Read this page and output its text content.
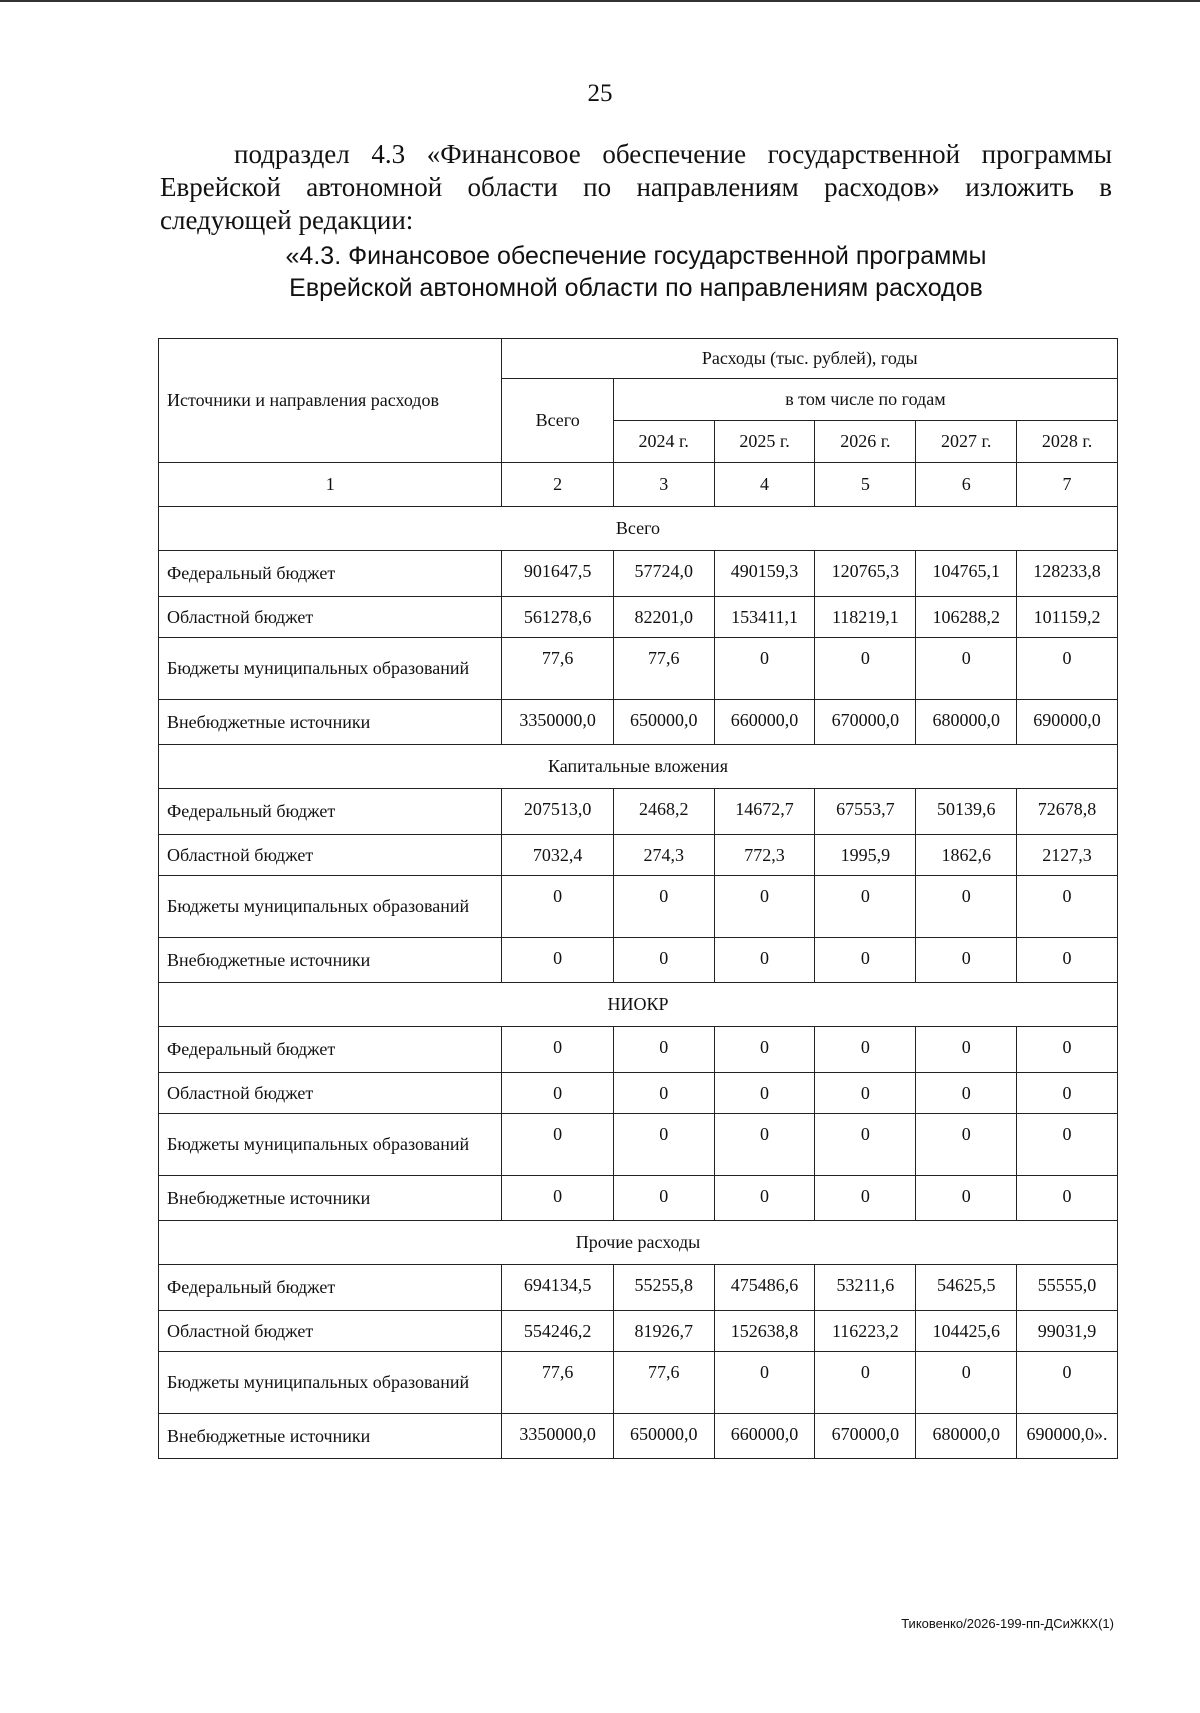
25

подраздел 4.3 «Финансовое обеспечение государственной программы Еврейской автономной области по направлениям расходов» изложить в следующей редакции:

«4.3. Финансовое обеспечение государственной программы
Еврейской автономной области по направлениям расходов
Источники и направления расходов	Расходы (тыс. рублей), годы					
	Всего	в том числе по годам				
		2024 г.	2025 г.	2026 г.	2027 г.	2028 г.
1	2	3	4	5	6	7
Всего						
Федеральный бюджет	901647,5	57724,0	490159,3	120765,3	104765,1	128233,8
Областной бюджет	561278,6	82201,0	153411,1	118219,1	106288,2	101159,2
Бюджеты муниципальных образований	77,6	77,6	0	0	0	0
Внебюджетные источники	3350000,0	650000,0	660000,0	670000,0	680000,0	690000,0
Капитальные вложения						
Федеральный бюджет	207513,0	2468,2	14672,7	67553,7	50139,6	72678,8
Областной бюджет	7032,4	274,3	772,3	1995,9	1862,6	2127,3
Бюджеты муниципальных образований	0	0	0	0	0	0
Внебюджетные источники	0	0	0	0	0	0
НИОКР						
Федеральный бюджет	0	0	0	0	0	0
Областной бюджет	0	0	0	0	0	0
Бюджеты муниципальных образований	0	0	0	0	0	0
Внебюджетные источники	0	0	0	0	0	0
Прочие расходы						
Федеральный бюджет	694134,5	55255,8	475486,6	53211,6	54625,5	55555,0
Областной бюджет	554246,2	81926,7	152638,8	116223,2	104425,6	99031,9
Бюджеты муниципальных образований	77,6	77,6	0	0	0	0
Внебюджетные источники	3350000,0	650000,0	660000,0	670000,0	680000,0	690000,0».
Тиковенко/2026-199-пп-ДСиЖКХ(1)
